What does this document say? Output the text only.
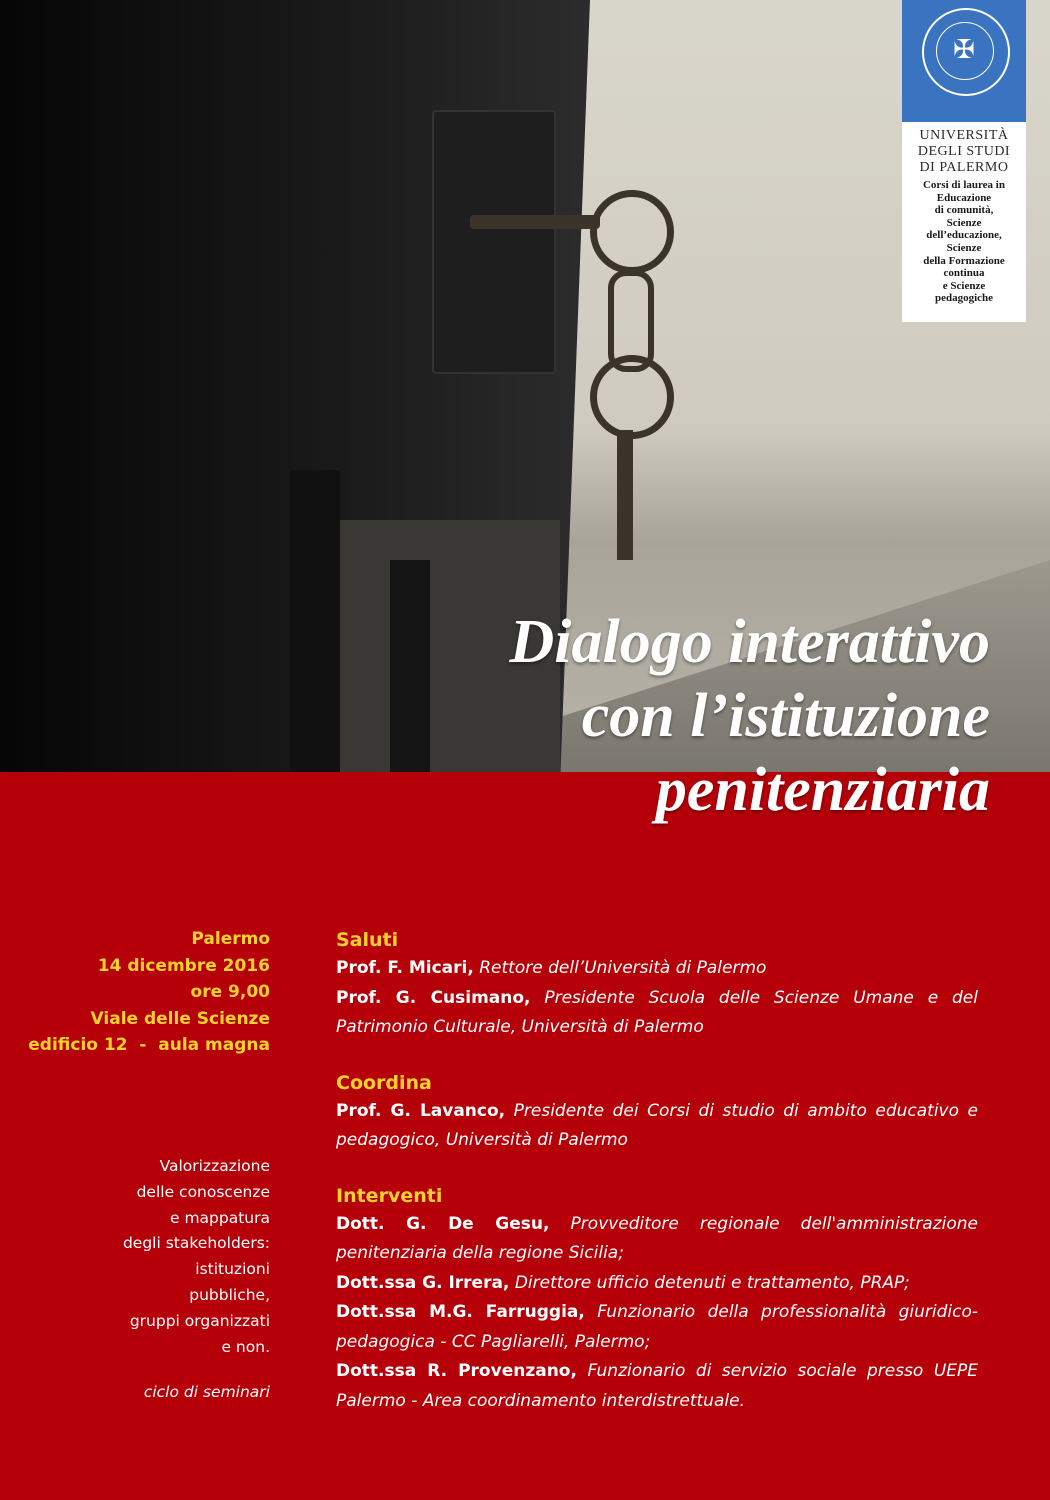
✠
UNIVERSITÀ
DEGLI STUDI
DI PALERMO
Corsi di laurea in
Educazione
di comunità,
Scienze
dell’educazione,
Scienze
della Formazione
continua
e Scienze
pedagogiche
Dialogo interattivo
con l’istituzione
penitenziaria
Palermo
14 dicembre 2016
ore 9,00
Viale delle Scienze
edificio 12  -  aula magna
Valorizzazione
delle conoscenze
e mappatura
degli stakeholders:
istituzioni
pubbliche,
gruppi organizzati
e non.
ciclo di seminari
Saluti
Prof. F. Micari, Rettore dell’Università di Palermo
Prof. G. Cusimano, Presidente Scuola delle Scienze Umane e del Patrimonio Culturale, Università di Palermo
Coordina
Prof. G. Lavanco, Presidente dei Corsi di studio di ambito educativo e pedagogico, Università di Palermo
Interventi
Dott. G. De Gesu, Provveditore regionale dell'amministrazione penitenziaria della regione Sicilia;
Dott.ssa G. Irrera, Direttore ufficio detenuti e trattamento, PRAP;
Dott.ssa M.G. Farruggia, Funzionario della professionalità giuridico-pedagogica - CC Pagliarelli, Palermo;
Dott.ssa R. Provenzano, Funzionario di servizio sociale presso UEPE Palermo - Area coordinamento interdistrettuale.
